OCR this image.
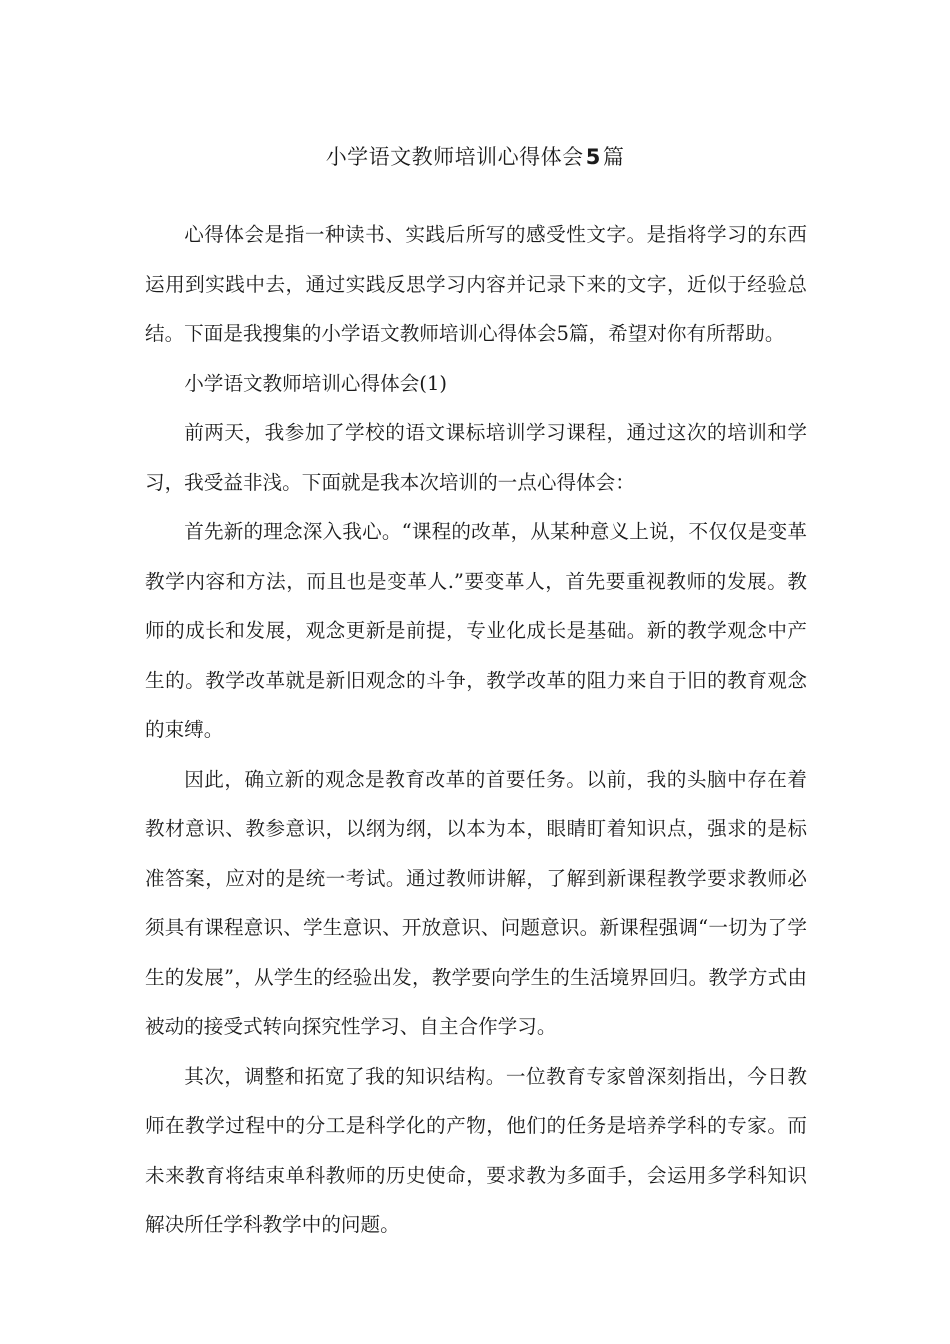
小学语文教师培训心得体会5篇

心得体会是指一种读书、实践后所写的感受性文字。是指将学习的东西运用到实践中去，通过实践反思学习内容并记录下来的文字，近似于经验总结。下面是我搜集的小学语文教师培训心得体会5篇，希望对你有所帮助。

小学语文教师培训心得体会(1)

前两天，我参加了学校的语文课标培训学习课程，通过这次的培训和学习，我受益非浅。下面就是我本次培训的一点心得体会：

首先新的理念深入我心。“课程的改革，从某种意义上说，不仅仅是变革教学内容和方法，而且也是变革人.”要变革人，首先要重视教师的发展。教师的成长和发展，观念更新是前提，专业化成长是基础。新的教学观念中产生的。教学改革就是新旧观念的斗争，教学改革的阻力来自于旧的教育观念的束缚。

因此，确立新的观念是教育改革的首要任务。以前，我的头脑中存在着教材意识、教参意识，以纲为纲，以本为本，眼睛盯着知识点，强求的是标准答案，应对的是统一考试。通过教师讲解，了解到新课程教学要求教师必须具有课程意识、学生意识、开放意识、问题意识。新课程强调“一切为了学生的发展”，从学生的经验出发，教学要向学生的生活境界回归。教学方式由被动的接受式转向探究性学习、自主合作学习。

其次，调整和拓宽了我的知识结构。一位教育专家曾深刻指出，今日教师在教学过程中的分工是科学化的产物，他们的任务是培养学科的专家。而未来教育将结束单科教师的历史使命，要求教为多面手，会运用多学科知识解决所任学科教学中的问题。
